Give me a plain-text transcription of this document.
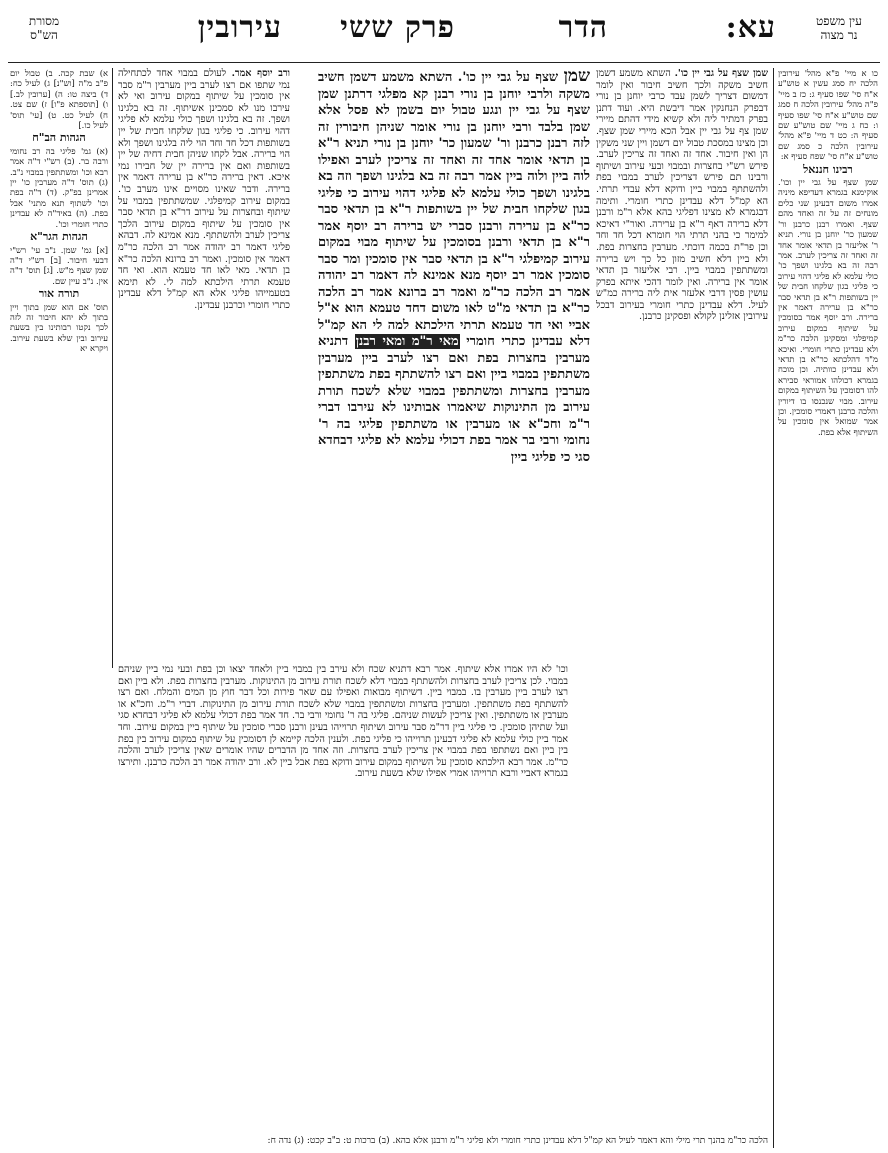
עין משפט
נר מצוה
עא:
הדר
פרק ששי
עירובין
מסורת
הש"ס
כו א מיי' פ"א מהל' עירובין הלכה יח סמג עשין א טוש"ע א"ח סי' שפו סעיף ג: כז ב מיי' פ"ה מהל' עירובין הלכה ח סמג שם טוש"ע א"ח סי' שפו סעיף ו: כח ג מיי' שם טוש"ע שם סעיף ה: כט ד מיי' פ"א מהל' עירובין הלכה כ סמג שם טוש"ע א"ח סי' שפח סעיף א:
רבינו חננאל
שמן שצף על גבי יין וכו'. אוקימנא בגמרא דעדיפא מיניה אמרו משום דבעינן שני כלים מונחים זה על זה ואחד מהם שצף. ואמרו רבנן כרבנן ור' שמעון כר' יוחנן בן נורי. תניא ר' אליעזר בן תדאי אומר אחד זה ואחד זה צריכין לערב. אמר רבה זה בא בלגינו ושפך כו' כולי עלמא לא פליגי דהוי עירוב כי פליגי בגון שלקחו חבית של יין בשותפות ר"א בן תדאי סבר כר"א בן ערירה דאמר אין ברירה. ורב יוסף אמר בסומכין על שיתוף במקום עירוב קמיפלגי ומסקינן הלכה כר"מ ולא עבדינן כתרי חומרי. ואיכא מ"ד דהלכתא כר"א בן תדאי ולא עבדינן כוותיה. וכן מוכח בגמרא דכולהו אמוראי סבירא להו דסומכין על השיתוף במקום עירוב. מבוי שנכנסו בו דיורין והלכה כרבנן דאמרי סומכין. וכן אמר שמואל אין סומכין על השיתוף אלא בפת.
א) שבת קכה. ב) טבול יום פ"ב מ"ה [וש"נ] ג) לעיל כח: ד) ביצה טו: ה) [ערובין לב.] ו) [תוספתא פ"ו] ז) שם צט. ח) לעיל כט. ט) [עי' תוס' לעיל כו.]
הגהות הב"ח
(א) גמ' פליגי בה רב נחומי ורבה בר. (ב) רש"י ד"ה אמר רבא וכו' ומשתתפין במבוי נ"ב. (ג) תוס' ד"ה מערבין כו' יין אמרינן בפ"ק. (ד) ד"ה בפת וכו' לשתוף תנא מתני' אבל בפת. (ה) באיד"ה לא עבדינן כתרי חומרי וכו'.
הגהות הגר"א
[א] גמ' שמן. נ"ב עי' רש"י דבעי חיבור. [ב] רש"י ד"ה שמן שצף מ"ש. [ג] תוס' ד"ה אין. נ"ב עיין שם.
תורה אור
תוס' אם הוא שמן בתוך ויין בתוך לא יהא חיבור זה לזה לכך נקטו רבותינו בין בשעת עירוב ובין שלא בשעת עירוב. ויקרא יא

שמן שצף על גבי יין כו'. השתא משמע דשמן חשיב משקה ולכך חשיב חיבור ואין לומר דמשום דצריך לשמן עבד כרבי יוחנן בן נורי דבפרק הנחנקין אמר דיבשת היא. ועוד דתנן בפרק דמתיר ליה ולא קשיא מידי דהתם מיירי שמן צף על גבי יין אבל הכא מיירי שמן שצף. וכן מצינו במסכת טבול יום דשמן ויין שני משקין הן ואין חיבור. אחד זה ואחד זה צריכין לערב. פירש רש"י בחצרות ובמבוי ובעי עירוב ושיתוף ורבינו תם פירש דצריכין לערב במבוי בפת ולהשתתף במבוי ביין ודוקא דלא עבדי תרתי. הא קמ"ל דלא עבדינן כתרי חומרי. ותימה דבגמרא לא מצינו דפליגי בהא אלא ר"מ ורבנן דלא ברירה דאף ר"א בן ערירה. ואור"י דאיכא למימר כי בהני תרתי הוי חומרא דכל חד וחד וכן פר"ת בכמה דוכתי. מערבין בחצרות בפת. ולא ביין דלא חשיב מזון כל כך ויש ברירה ומשתתפין במבוי ביין. רבי אליעזר בן תדאי אומר אין ברירה. ואין לומר דהכי איתא בפרק עושין פסין דרבי אלעזר אית ליה ברירה כמ"ש לעיל. דלא עבדינן כתרי חומרי בעירוב דבכל עירובין אזלינן לקולא ופסקינן כרבנן.

שמן שצף על גבי יין כו'. השתא משמע דשמן חשיב משקה ולרבי יוחנן בן נורי רבנן קא מפלגי דרתנן שמן שצף על גבי יין ונגע טבול יום בשמן לא פסל אלא שמן בלבד ורבי יוחנן בן נורי אומר שניהן חיבורין זה לזה רבנן כרבנן ור' שמעון כר' יוחנן בן נורי תניא ר"א בן תדאי אומר אחד זה ואחד זה צריכין לערב ואפילו לוה ביין ולוה ביין אמר רבה זה בא בלגינו ושפך וזה בא בלגינו ושפך כולי עלמא לא פליגי דהוי עירוב כי פליגי בגון שלקחו חבית של יין בשותפות ר"א בן תדאי סבר כר"א בן ערירה ורבנן סברי יש ברירה רב יוסף אמר ר"א בן תדאי ורבנן בסומכין על שיתוף מבוי במקום עירוב קמיפלגי ר"א בן תדאי סבר אין סומכין ומר סבר סומכין אמר רב יוסף מנא אמינא לה דאמר רב יהודה אמר רב הלכה כר"מ ואמר רב ברונא אמר רב הלכה כר"א בן תדאי מ"ט לאו משום דחד טעמא הוא א"ל אביי ואי חד טעמא תרתי הילכתא למה לי הא קמ"ל דלא עבדינן כתרי חומרי מאי ר"מ ומאי רבנן דתניא מערבין בחצרות בפת ואם רצו לערב ביין מערבין משתתפין במבוי ביין ואם רצו להשתתף בפת משתתפין מערבין בחצרות ומשתתפין במבוי שלא לשכח תורת עירוב מן התינוקות שיאמרו אבותינו לא עירבו דברי ר"מ וחכ"א או מערבין או משתתפין פליגי בה ר' נחומי ורבי בר אמר בפת דכולי עלמא לא פליגי דבחדא סגי כי פליגי ביין

ורב יוסף אמר. לעולם במבוי אחד לכתחילה נמי שתפו אם רצו לערב ביין מערבין ר"מ סבר אין סומכין על שיתוף במקום עירוב ואי לא עירבו מנו לא סמכינן אשיתוף. זה בא בלגינו ושפך. זה בא בלגינו ושפך כולי עלמא לא פליגי דהוי עירוב. כי פליגי בגון שלקחו חבית של יין בשותפות דכל חד וחד הוי ליה בלגינו ושפך ולא הוי ברירה. אבל לקחו שניהן חבית דחיה של יין בשותפות ואם אין ברירה יין של חבירו נמי איכא. דאין ברירה כר"א בן ערירה דאמר אין ברירה. ודבר שאינו מסויים אינו מערב כו'. במקום עירוב קמיפלגי. שמשתתפין במבוי על שיתוף ובחצרות על עירוב דר"א בן תדאי סבר אין סומכין על שיתוף במקום עירוב הלכך צריכין לערב ולהשתתף. מנא אמינא לה. דבהא פליגי דאמר רב יהודה אמר רב הלכה כר"מ דאמר אין סומכין. ואמר רב ברונא הלכה כר"א בן תדאי. מאי לאו חד טעמא הוא. ואי חד טעמא תרתי הילכתא למה לי. לא תימא בטעמייהו פליגי אלא הא קמ"ל דלא עבדינן כתרי חומרי וכרבנן עבדינן.

וכו' לא היו אמרו אלא שיתוף. אמר רבא דתניא שכח ולא עירב בין במבוי ביין ולאחד יצאו וכן בפת ובעי נמי ביין שניהם במבוי. לכן צריכין לערב בחצרות ולהשתתף במבוי דלא לשכח תורת עירוב מן התינוקות. מערבין בחצרות בפת. ולא ביין ואם רצו לערב ביין מערבין בו. במבוי ביין. דשיתוף מבואות ואפילו עם שאר פירות וכל דבר חוץ מן המים והמלח. ואם רצו להשתתף בפת משתתפין. ומערבין בחצרות ומשתתפין במבוי שלא לשכח תורת עירוב מן התינוקות. דברי ר"מ. וחכ"א או מערבין או משתתפין. ואין צריכין לעשות שניהם. פליגי בה ר' נחומי ורבי בר. חד אמר בפת דכולי עלמא לא פליגי דבחדא סגי ועל שתיהן סומכין. כי פליגי ביין דר"מ סבר עירוב ושיתוף תרוייהו בעינן ורבנן סברי סומכין על שיתוף ביין במקום עירוב. וחד אמר ביין כולי עלמא לא פליגי דבעינן תרוייהו כי פליגי בפת. ולענין הלכה קיימא לן דסומכין על שיתוף במקום עירוב בין בפת בין ביין ואם נשתתפו בפת במבוי אין צריכין לערב בחצרות. וזה אחד מן הדברים שהיו אומרים שאין צריכין לערב והלכה כר"מ. אמר רבא הילכתא סומכין על השיתוף במקום עירוב ודוקא בפת אבל ביין לא. ורב יהודה אמר רב הלכה כרבנן. ותירצו בגמרא דאביי ורבא תרוייהו אמרי אפילו שלא בשעת עירוב.
הלכה כר"מ בהנך תרי מילי והא דאמר לעיל הא קמ"ל דלא עבדינן כתרי חומרי ולא פליגי ר"מ ורבנן אלא בהא. (ב) ברכות ט: ב"ב קכט: (ג) נדה ח:
